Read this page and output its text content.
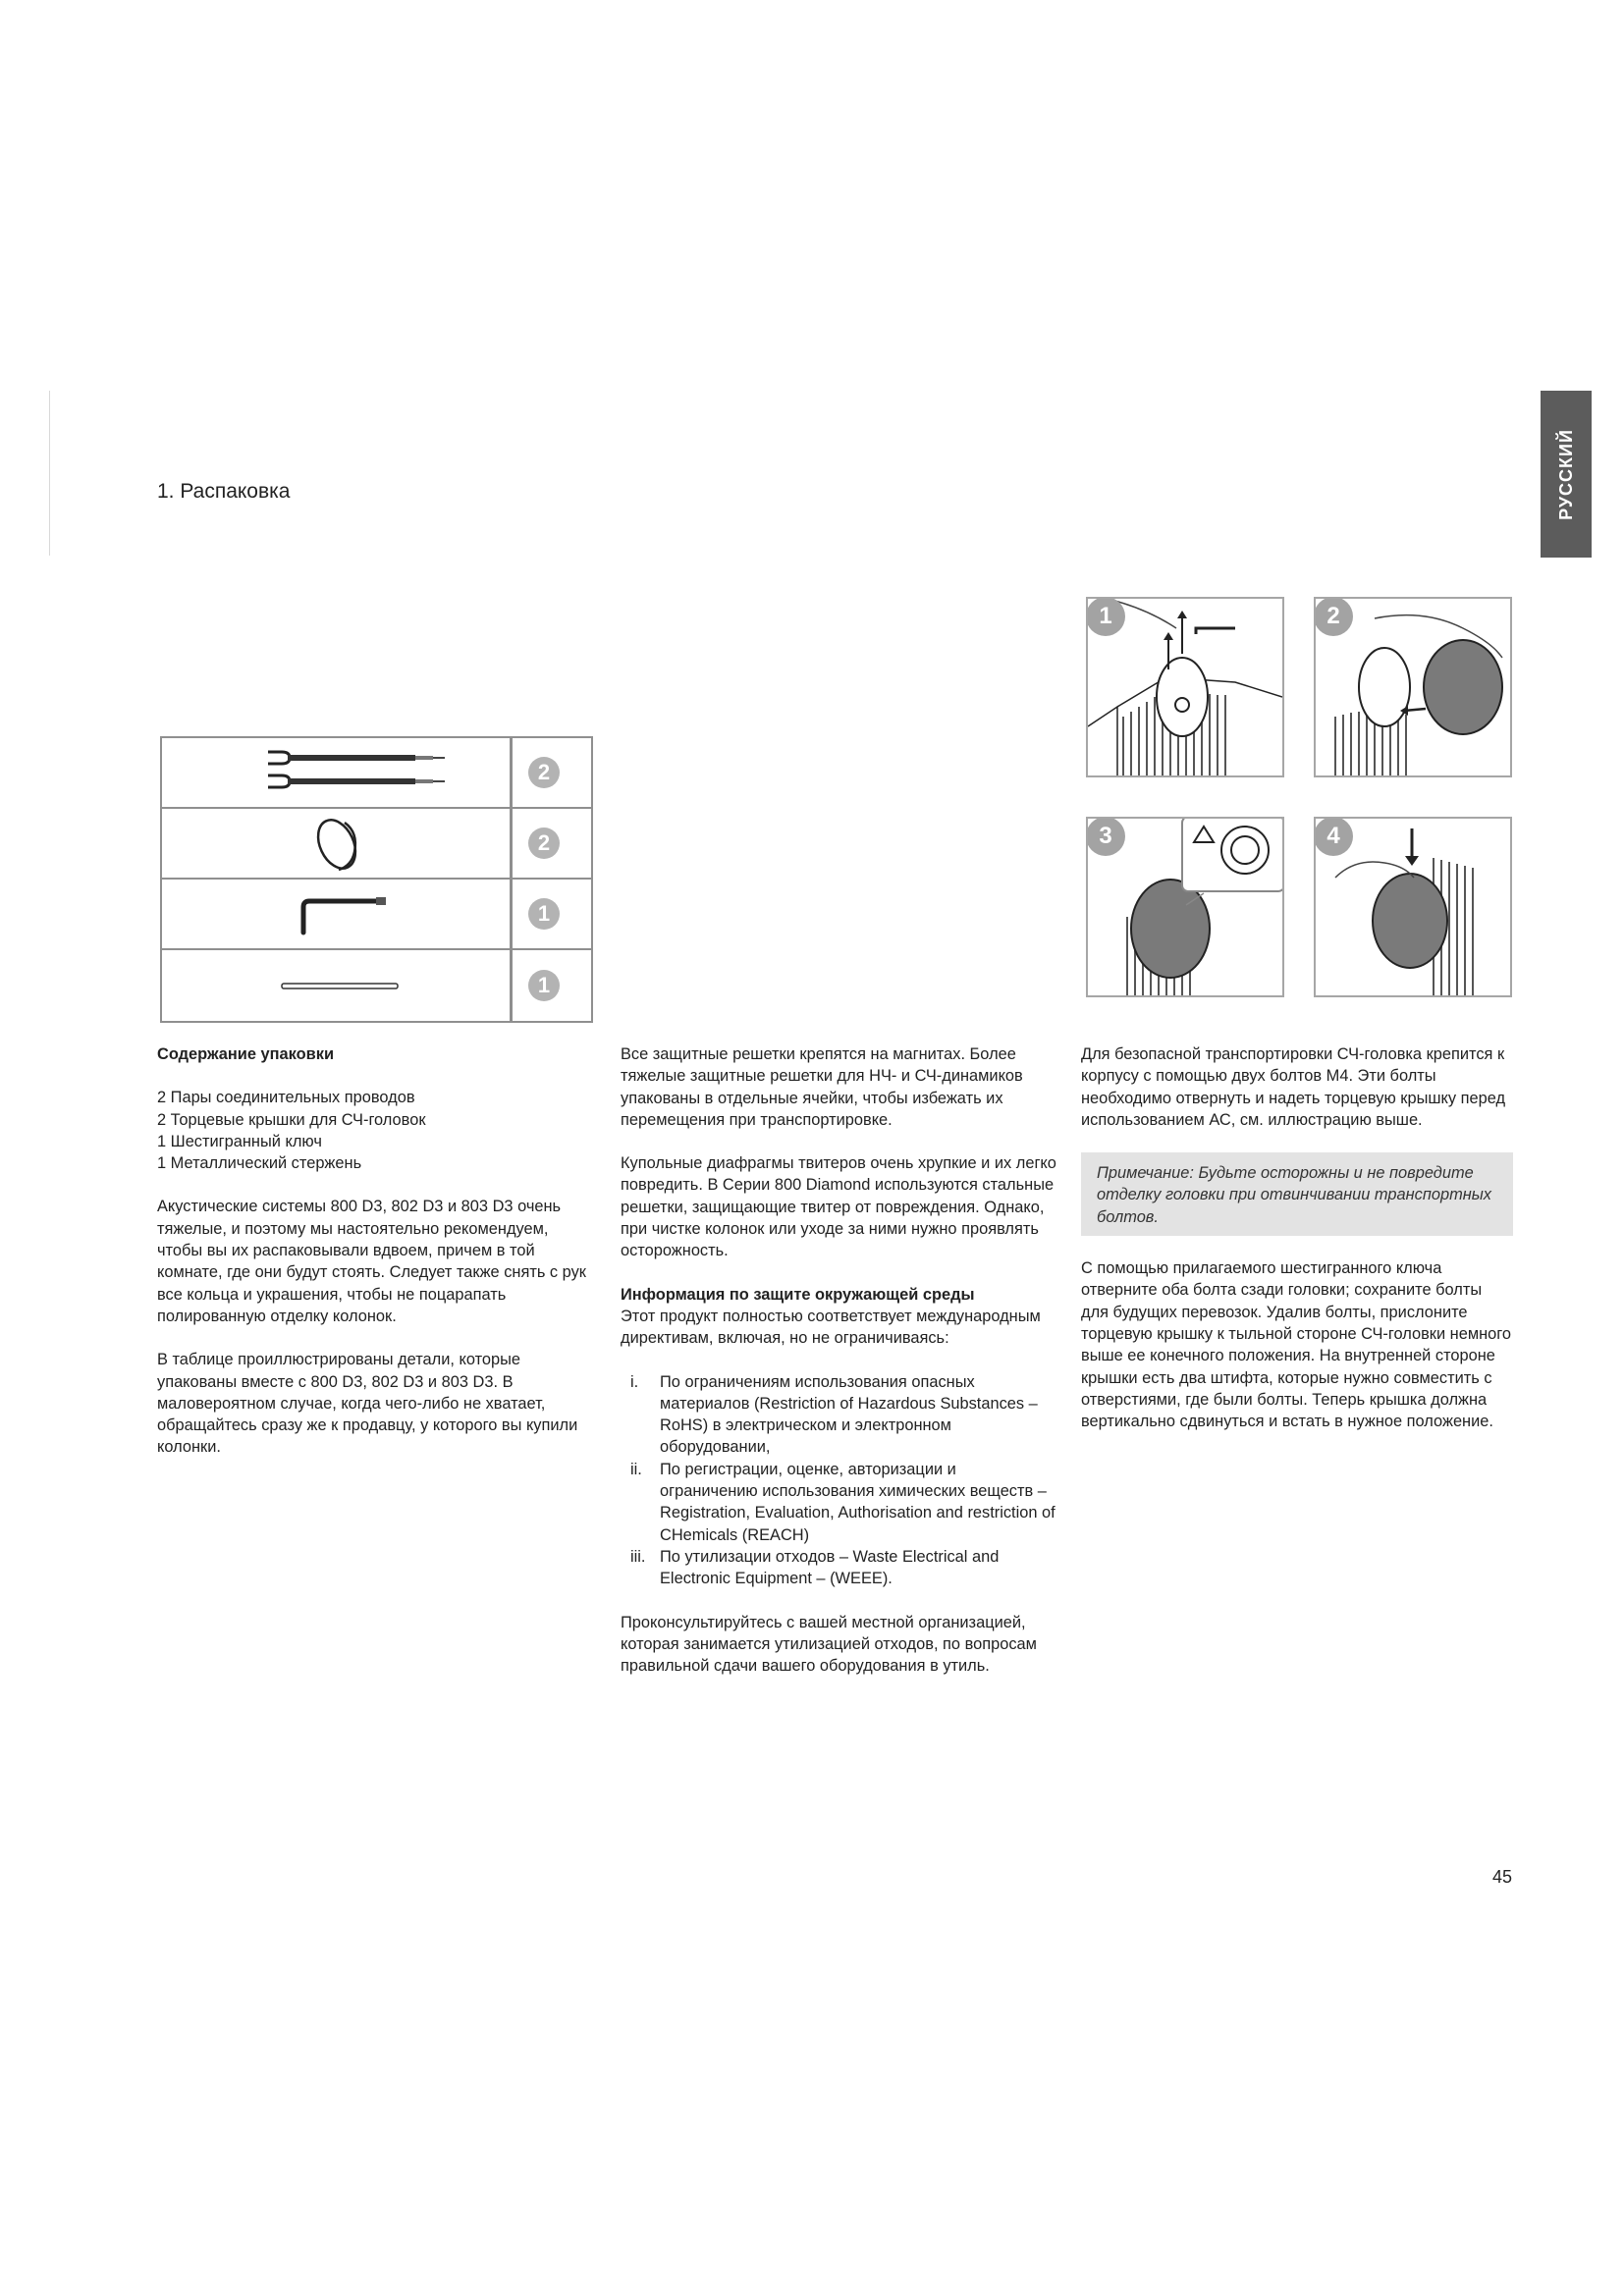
1. Распаковка	РУССКИЙ
2
2
1
1
1	2
3	4
Содержание упаковки
2 Пары соединительных проводов
2 Торцевые крышки для СЧ-головок
1 Шестигранный ключ
1 Металлический стержень

Акустические системы 800 D3, 802 D3 и 803 D3 очень тяжелые, и поэтому мы настоятельно рекомендуем, чтобы вы их распаковывали вдвоем, причем в той комнате, где они будут стоять. Следует также снять с рук все кольца и украшения, чтобы не поцарапать полированную отделку колонок.

В таблице проиллюстрированы детали, которые упакованы вместе с 800 D3, 802 D3 и 803 D3. В маловероятном случае, когда чего-либо не хватает, обращайтесь сразу же к продавцу, у которого вы купили колонки.

Все защитные решетки крепятся на магнитах. Более тяжелые защитные решетки для НЧ- и СЧ-динамиков упакованы в отдельные ячейки, чтобы избежать их перемещения при транспортировке.

Купольные диафрагмы твитеров очень хрупкие и их легко повредить. В Серии 800 Diamond используются стальные решетки, защищающие твитер от повреждения. Однако, при чистке колонок или уходе за ними нужно проявлять осторожность.

Информация по защите окружающей среды

Этот продукт полностью соответствует международным директивам, включая, но не ограничиваясь:

i. По ограничениям использования опасных материалов (Restriction of Hazardous Substances – RoHS) в электрическом и электронном оборудовании,
ii. По регистрации, оценке, авторизации и ограничению использования химических веществ – Registration, Evaluation, Authorisation and restriction of CHemicals (REACH)
iii. По утилизации отходов – Waste Electrical and Electronic Equipment – (WEEE).

Проконсультируйтесь с вашей местной организацией, которая занимается утилизацией отходов, по вопросам правильной сдачи вашего оборудования в утиль.

Для безопасной транспортировки СЧ-головка крепится к корпусу с помощью двух болтов М4. Эти болты необходимо отвернуть и надеть торцевую крышку перед использованием АС, см. иллюстрацию выше.

Примечание: Будьте осторожны и не повредите отделку головки при отвинчивании транспортных болтов.

С помощью прилагаемого шестигранного ключа отверните оба болта сзади головки; сохраните болты для будущих перевозок. Удалив болты, прислоните торцевую крышку к тыльной стороне СЧ-головки немного выше ее конечного положения. На внутренней стороне крышки есть два штифта, которые нужно совместить с отверстиями, где были болты. Теперь крышка должна вертикально сдвинуться и встать в нужное положение.

45
